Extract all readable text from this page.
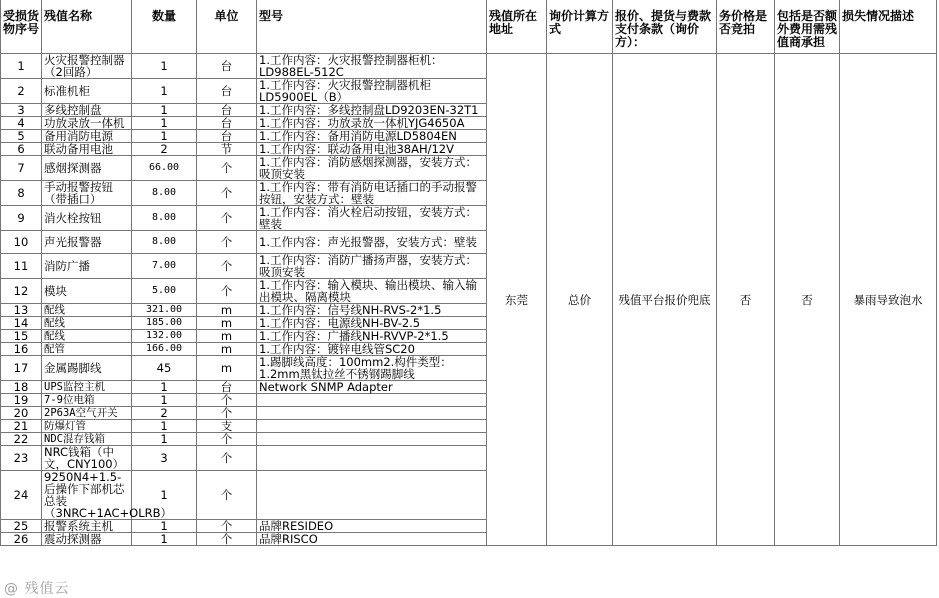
受损货物序号	残值名称	数量	单位	型号	残值所在地址	询价计算方式	报价、提货与费款支付条款（询价方）：	务价格是否竞拍	包括是否额外费用需残值商承担	损失情况描述
1	火灾报警控制器（2回路）	1	台	1.工作内容：火灾报警控制器柜机：LD988EL-512C	东莞	总价	残值平台报价兜底	否	否	暴雨导致泡水
2	标准机柜	1	台	1.工作内容：火灾报警控制器机柜LD5900EL（B）						
3	多线控制盘	1	台	1.工作内容：多线控制盘LD9203EN-32T1						
4	功放录放一体机	1	台	1.工作内容：功放录放一体机YJG4650A						
5	备用消防电源	1	台	1.工作内容：备用消防电源LD5804EN						
6	联动备用电池	2	节	1.工作内容：联动备用电池38AH/12V						
7	感烟探测器	66.00	个	1.工作内容：消防感烟探测器，安装方式：吸顶安装						
8	手动报警按钮（带插口）	8.00	个	1.工作内容：带有消防电话插口的手动报警按钮，安装方式：壁装						
9	消火栓按钮	8.00	个	1.工作内容：消火栓启动按钮，安装方式：壁装						
10	声光报警器	8.00	个	1.工作内容：声光报警器，安装方式：壁装						
11	消防广播	7.00	个	1.工作内容：消防广播扬声器，安装方式：吸顶安装						
12	模块	5.00	个	1.工作内容：输入模块、输出模块、输入输出模块、隔离模块						
13	配线	321.00	m	1.工作内容：信号线NH-RVS-2*1.5						
14	配线	185.00	m	1.工作内容：电源线NH-BV-2.5						
15	配线	132.00	m	1.工作内容：广播线NH-RVVP-2*1.5						
16	配管	166.00	m	1.工作内容：镀锌电线管SC20						
17	金属踢脚线	45	m	1.踢脚线高度：100mm2.构件类型：1.2mm黑钛拉丝不锈钢踢脚线						
18	UPS监控主机	1	台	Network SNMP Adapter						
19	7-9位电箱	1	个							
20	2P63A空气开关	2	个							
21	防爆灯管	1	支							
22	NDC混存钱箱	1	个							
23	NRC钱箱（中文，CNY100）	3	个							
24	9250N4+1.5-后操作下部机芯总装（3NRC+1AC+OLRB）	1	个							
25	报警系统主机	1	个	品牌RESIDEO						
26	震动探测器	1	个	品牌RISCO						
@ 残值云
